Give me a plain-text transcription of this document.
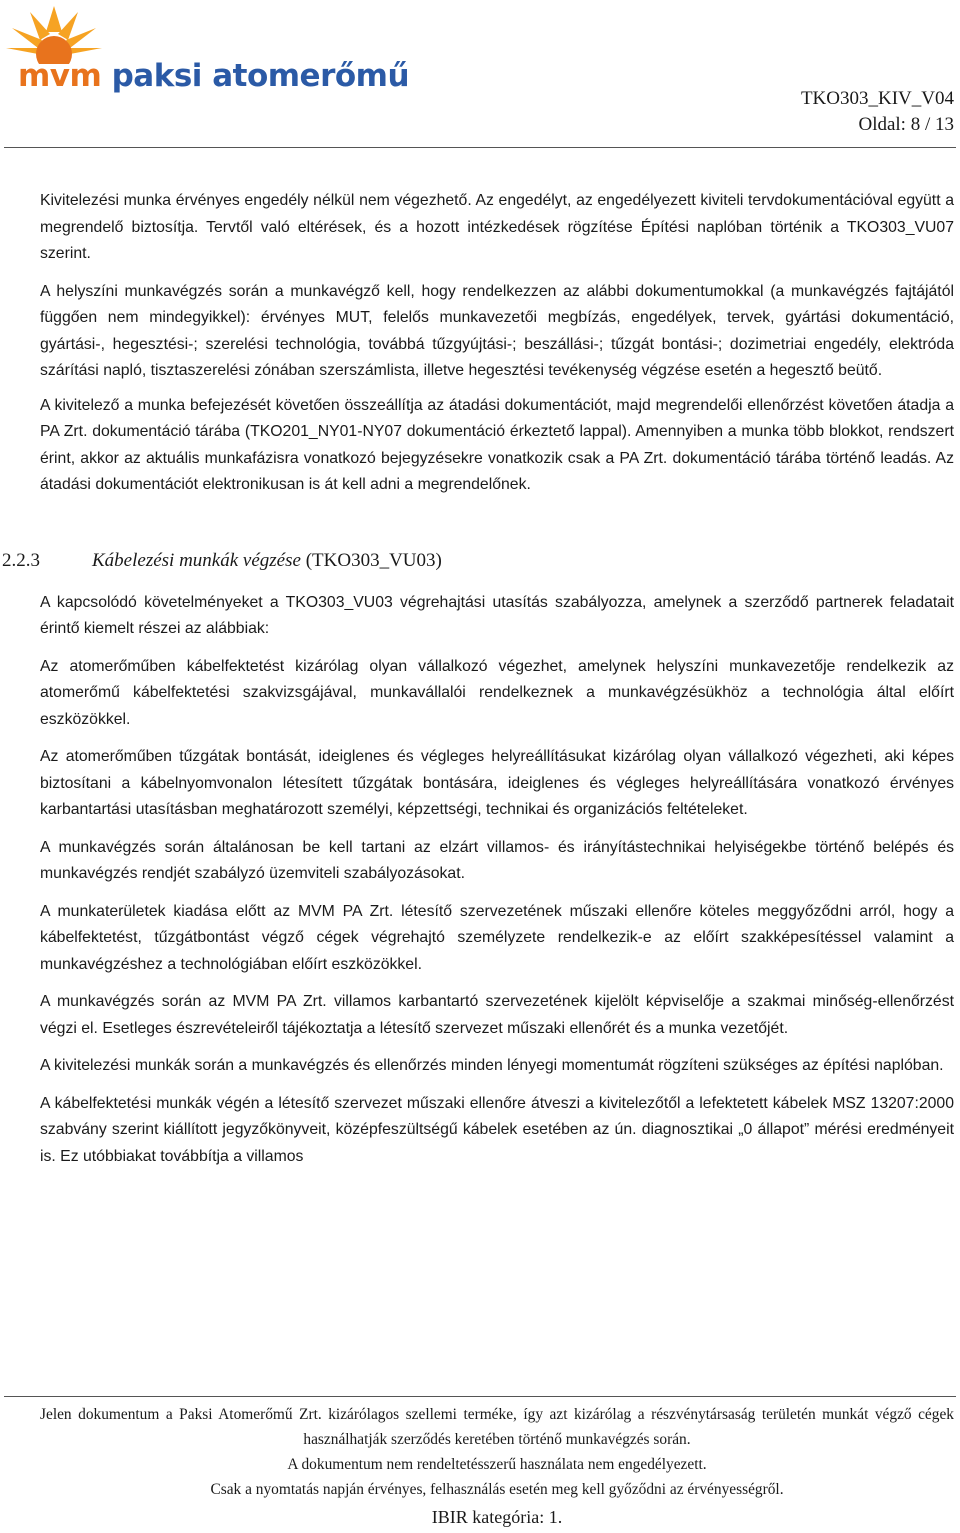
mvm paksi atomerőmű
TKO303_KIV_V04
Oldal: 8 / 13

Kivitelezési munka érvényes engedély nélkül nem végezhető. Az engedélyt, az engedélyezett kiviteli tervdokumentációval együtt a megrendelő biztosítja. Tervtől való eltérések, és a hozott intézkedések rögzítése Építési naplóban történik a TKO303_VU07 szerint.

A helyszíni munkavégzés során a munkavégző kell, hogy rendelkezzen az alábbi dokumentumokkal (a munkavégzés fajtájától függően nem mindegyikkel): érvényes MUT, felelős munkavezetői megbízás, engedélyek, tervek, gyártási dokumentáció, gyártási-, hegesztési-; szerelési technológia, továbbá tűzgyújtási-; beszállási-; tűzgát bontási-; dozimetriai engedély, elektróda szárítási napló, tisztaszerelési zónában szerszámlista, illetve hegesztési tevékenység végzése esetén a hegesztő beütő.

A kivitelező a munka befejezését követően összeállítja az átadási dokumentációt, majd megrendelői ellenőrzést követően átadja a PA Zrt. dokumentáció tárába (TKO201_NY01-NY07 dokumentáció érkeztető lappal). Amennyiben a munka több blokkot, rendszert érint, akkor az aktuális munkafázisra vonatkozó bejegyzésekre vonatkozik csak a PA Zrt. dokumentáció tárába történő leadás. Az átadási dokumentációt elektronikusan is át kell adni a megrendelőnek.

2.2.3	Kábelezési munkák végzése (TKO303_VU03)

A kapcsolódó követelményeket a TKO303_VU03 végrehajtási utasítás szabályozza, amelynek a szerződő partnerek feladatait érintő kiemelt részei az alábbiak:

Az atomerőműben kábelfektetést kizárólag olyan vállalkozó végezhet, amelynek helyszíni munkavezetője rendelkezik az atomerőmű kábelfektetési szakvizsgájával, munkavállalói rendelkeznek a munkavégzésükhöz a technológia által előírt eszközökkel.

Az atomerőműben tűzgátak bontását, ideiglenes és végleges helyreállításukat kizárólag olyan vállalkozó végezheti, aki képes biztosítani a kábelnyomvonalon létesített tűzgátak bontására, ideiglenes és végleges helyreállítására vonatkozó érvényes karbantartási utasításban meghatározott személyi, képzettségi, technikai és organizációs feltételeket.

A munkavégzés során általánosan be kell tartani az elzárt villamos- és irányítástechnikai helyiségekbe történő belépés és munkavégzés rendjét szabályzó üzemviteli szabályozásokat.

A munkaterületek kiadása előtt az MVM PA Zrt. létesítő szervezetének műszaki ellenőre köteles meggyőződni arról, hogy a kábelfektetést, tűzgátbontást végző cégek végrehajtó személyzete rendelkezik-e az előírt szakképesítéssel valamint a munkavégzéshez a technológiában előírt eszközökkel.

A munkavégzés során az MVM PA Zrt. villamos karbantartó szervezetének kijelölt képviselője a szakmai minőség-ellenőrzést végzi el. Esetleges észrevételeiről tájékoztatja a létesítő szervezet műszaki ellenőrét és a munka vezetőjét.

A kivitelezési munkák során a munkavégzés és ellenőrzés minden lényegi momentumát rögzíteni szükséges az építési naplóban.

A kábelfektetési munkák végén a létesítő szervezet műszaki ellenőre átveszi a kivitelezőtől a lefektetett kábelek MSZ 13207:2000 szabvány szerint kiállított jegyzőkönyveit, középfeszültségű kábelek esetében az ún. diagnosztikai „0 állapot” mérési eredményeit is. Ez utóbbiakat továbbítja a villamos

Jelen dokumentum a Paksi Atomerőmű Zrt. kizárólagos szellemi terméke, így azt kizárólag a részvénytársaság területén munkát végző cégek használhatják szerződés keretében történő munkavégzés során.

A dokumentum nem rendeltetésszerű használata nem engedélyezett.

Csak a nyomtatás napján érvényes, felhasználás esetén meg kell győződni az érvényességről.

IBIR kategória: 1.
